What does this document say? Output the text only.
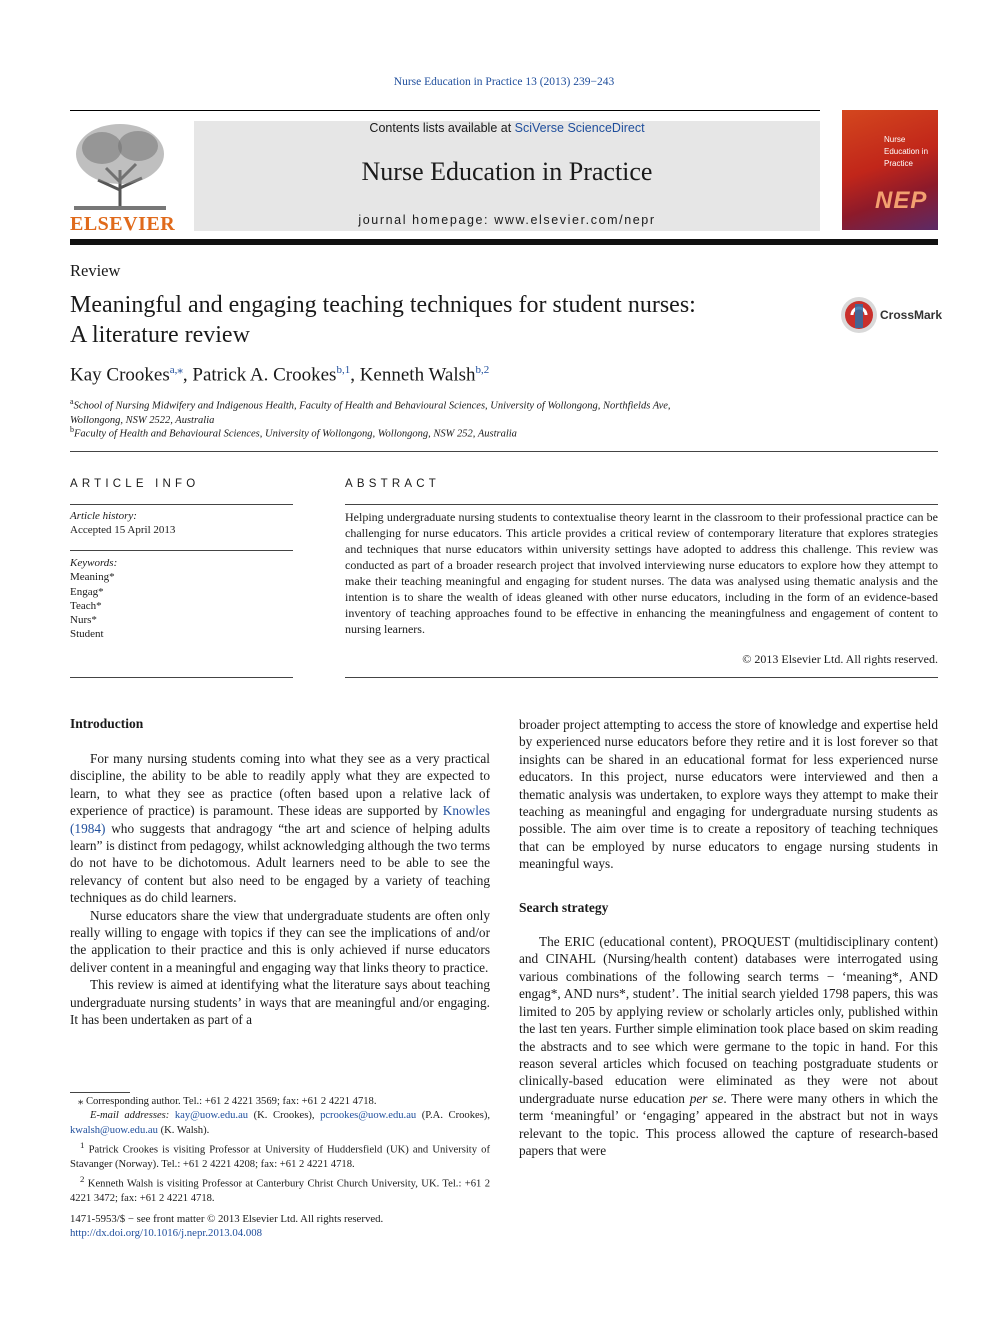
Nurse Education in Practice 13 (2013) 239−243
ELSEVIER
Contents lists available at SciVerse ScienceDirect
Nurse Education in Practice
journal homepage: www.elsevier.com/nepr
Nurse
Education in
Practice
NEP
Review
Meaningful and engaging teaching techniques for student nurses:
A literature review
CrossMark
Kay Crookes$^{a,⁎}$, Patrick A. Crookes$^{b,1}$, Kenneth Walsh$^{b,2}$
$^a$School of Nursing Midwifery and Indigenous Health, Faculty of Health and Behavioural Sciences, University of Wollongong, Northfields Ave,
Wollongong, NSW 2522, Australia
$^b$Faculty of Health and Behavioural Sciences, University of Wollongong, Wollongong, NSW 252, Australia
ARTICLE INFO
Article history:
Accepted 15 April 2013
Keywords:
Meaning*
Engag*
Teach*
Nurs*
Student
ABSTRACT
Helping undergraduate nursing students to contextualise theory learnt in the classroom to their professional practice can be challenging for nurse educators. This article provides a critical review of contemporary literature that explores strategies and techniques that nurse educators within university settings have adopted to address this challenge. This review was conducted as part of a broader research project that involved interviewing nurse educators to explore how they attempt to make their teaching meaningful and engaging for student nurses. The data was analysed using thematic analysis and the intention is to share the wealth of ideas gleaned with other nurse educators, including in the form of an evidence-based inventory of teaching approaches found to be effective in enhancing the meaningfulness and engagement of content to nursing learners.
© 2013 Elsevier Ltd. All rights reserved.
Introduction

For many nursing students coming into what they see as a very practical discipline, the ability to be able to readily apply what they are expected to learn, to what they see as practice (often based upon a relative lack of experience of practice) is paramount. These ideas are supported by Knowles (1984) who suggests that andragogy “the art and science of helping adults learn” is distinct from pedagogy, whilst acknowledging although the two terms do not have to be dichotomous. Adult learners need to be able to see the relevancy of content but also need to be engaged by a variety of teaching techniques as do child learners.

Nurse educators share the view that undergraduate students are often only really willing to engage with topics if they can see the implications of and/or the application to their practice and this is only achieved if nurse educators deliver content in a meaningful and engaging way that links theory to practice.

This review is aimed at identifying what the literature says about teaching undergraduate nursing students’ in ways that are meaningful and/or engaging. It has been undertaken as part of a

⁎ Corresponding author. Tel.: +61 2 4221 3569; fax: +61 2 4221 4718.
E-mail addresses: kay@uow.edu.au (K. Crookes), pcrookes@uow.edu.au (P.A. Crookes), kwalsh@uow.edu.au (K. Walsh).
$^1$ Patrick Crookes is visiting Professor at University of Huddersfield (UK) and University of Stavanger (Norway). Tel.: +61 2 4221 4208; fax: +61 2 4221 4718.
$^2$ Kenneth Walsh is visiting Professor at Canterbury Christ Church University, UK. Tel.: +61 2 4221 3472; fax: +61 2 4221 4718.
1471-5953/$ − see front matter © 2013 Elsevier Ltd. All rights reserved.
http://dx.doi.org/10.1016/j.nepr.2013.04.008

broader project attempting to access the store of knowledge and expertise held by experienced nurse educators before they retire and it is lost forever so that insights can be shared in an educational format for less experienced nurse educators. In this project, nurse educators were interviewed and then a thematic analysis was undertaken, to explore ways they attempt to make their teaching as meaningful and engaging for undergraduate nursing students as possible. The aim over time is to create a repository of teaching techniques that can be employed by nurse educators to engage nursing students in meaningful ways.

Search strategy

The ERIC (educational content), PROQUEST (multidisciplinary content) and CINAHL (Nursing/health content) databases were interrogated using various combinations of the following search terms − ‘meaning*, AND engag*, AND nurs*, student’. The initial search yielded 1798 papers, this was limited to 205 by applying review or scholarly articles only, published within the last ten years. Further simple elimination took place based on skim reading the abstracts and to see which were germane to the topic in hand. For this reason several articles which focused on teaching postgraduate students or clinically-based education were eliminated as they were not about undergraduate nurse education per se. There were many others in which the term ‘meaningful’ or ‘engaging’ appeared in the abstract but not in ways relevant to the topic. This process allowed the capture of research-based papers that were
